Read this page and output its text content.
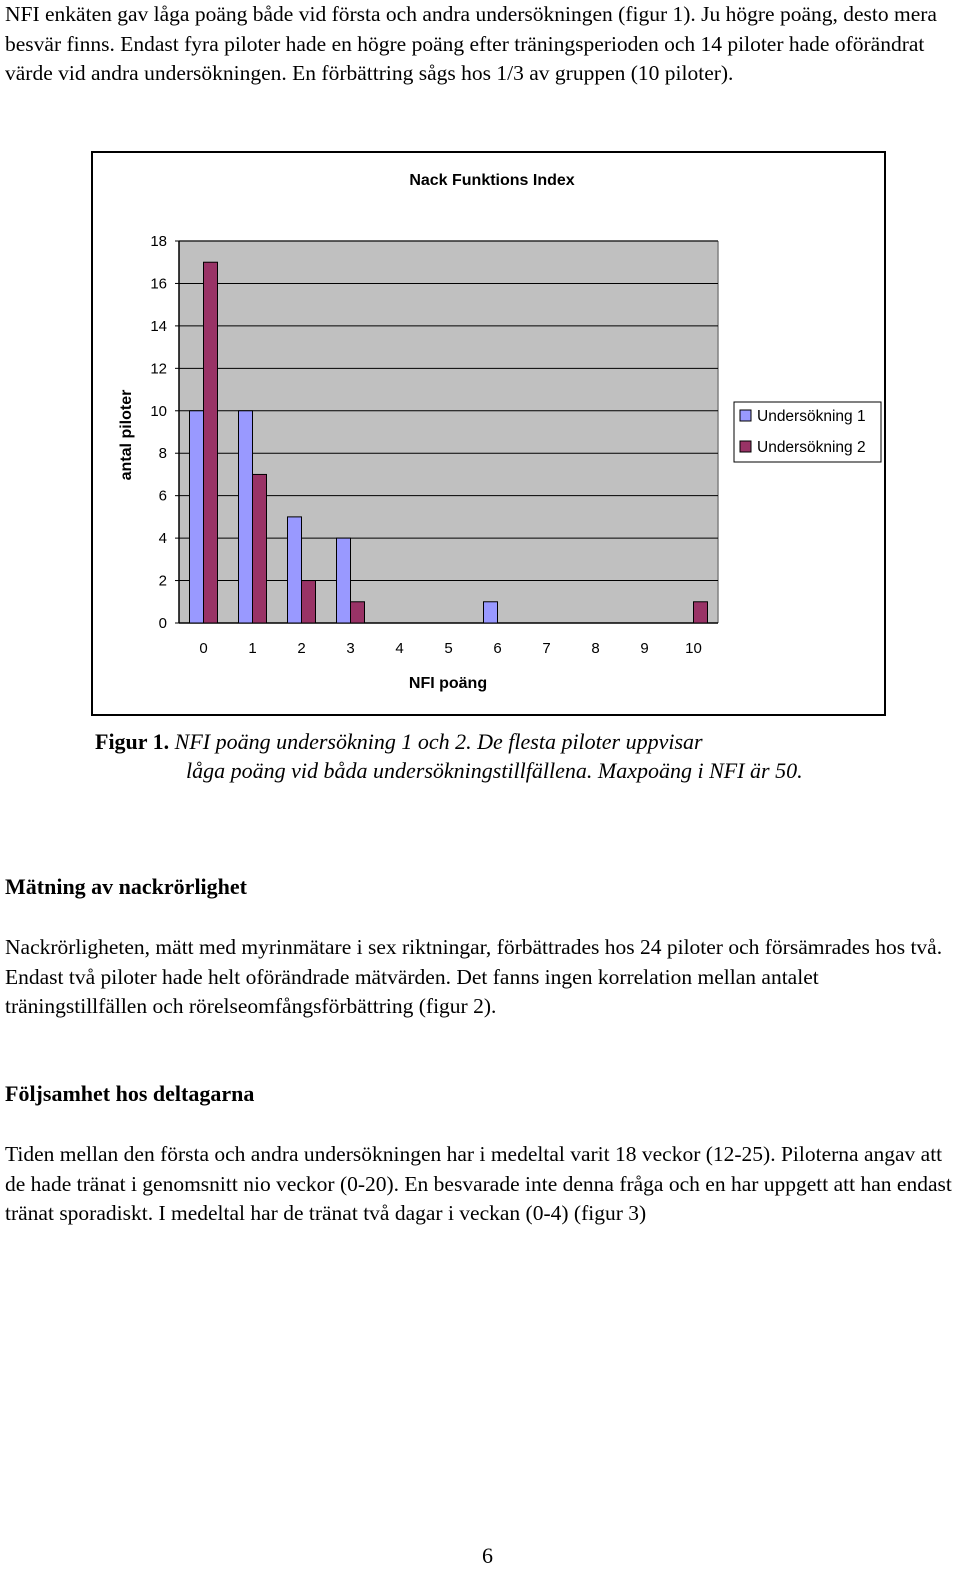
NFI enkäten gav låga poäng både vid första och andra undersökningen (figur 1). Ju högre poäng, desto mera besvär finns. Endast fyra piloter hade en högre poäng efter träningsperioden och 14 piloter hade oförändrat värde vid andra undersökningen. En förbättring sågs hos 1/3 av gruppen (10 piloter).

0
2
4
6
8
10
12
14
16
18
0	1	2	3	4	5	6	7	8	9 10
Nack Funktions Index
NFI poäng
antal piloter	Undersökning 1
Undersökning 2
Figur 1. NFI poäng undersökning 1 och 2. De flesta piloter uppvisar
låga poäng vid båda undersökningstillfällena. Maxpoäng i NFI är 50.

Mätning av nackrörlighet

Nackrörligheten, mätt med myrinmätare i sex riktningar, förbättrades hos 24 piloter och försämrades hos två. Endast två piloter hade helt oförändrade mätvärden. Det fanns ingen korrelation mellan antalet träningstillfällen och rörelseomfångsförbättring (figur 2).

Följsamhet hos deltagarna

Tiden mellan den första och andra undersökningen har i medeltal varit 18 veckor (12-25). Piloterna angav att de hade tränat i genomsnitt nio veckor (0-20). En besvarade inte denna fråga och en har uppgett att han endast tränat sporadiskt. I medeltal har de tränat två dagar i veckan (0-4) (figur 3)

6
